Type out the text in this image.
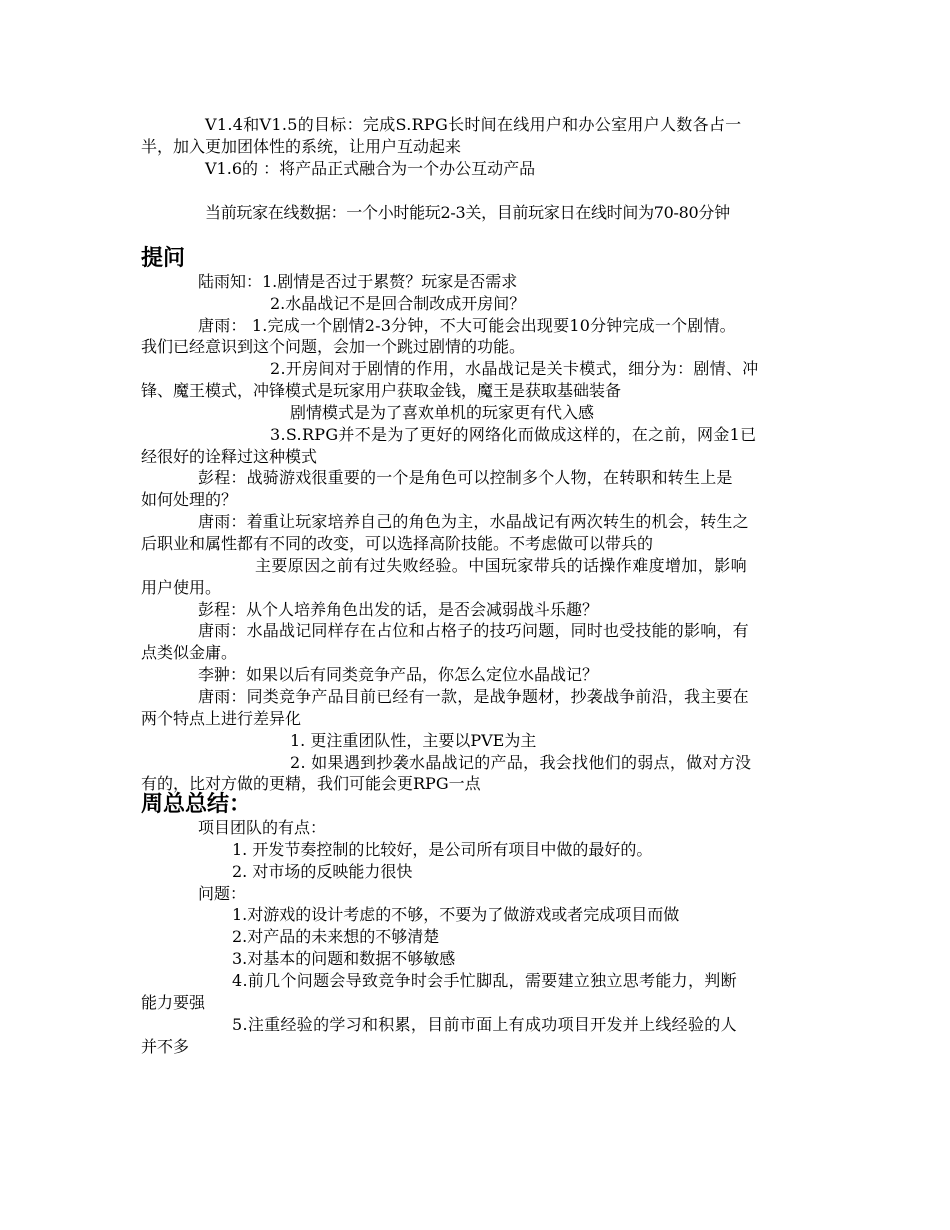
V1.4和V1.5的目标：完成S.RPG长时间在线用户和办公室用户人数各占一
半，加入更加团体性的系统，让用户互动起来
V1.6的 ：将产品正式融合为一个办公互动产品
当前玩家在线数据：一个小时能玩2-3关，目前玩家日在线时间为70-80分钟
提问
陆雨知：1.剧情是否过于累赘？玩家是否需求
2.水晶战记不是回合制改成开房间？
唐雨： 1.完成一个剧情2-3分钟，不大可能会出现要10分钟完成一个剧情。
我们已经意识到这个问题，会加一个跳过剧情的功能。
2.开房间对于剧情的作用，水晶战记是关卡模式，细分为：剧情、冲
锋、魔王模式，冲锋模式是玩家用户获取金钱，魔王是获取基础装备
剧情模式是为了喜欢单机的玩家更有代入感
3.S.RPG并不是为了更好的网络化而做成这样的，在之前，网金1已
经很好的诠释过这种模式
彭程：战骑游戏很重要的一个是角色可以控制多个人物，在转职和转生上是
如何处理的？
唐雨：着重让玩家培养自己的角色为主，水晶战记有两次转生的机会，转生之
后职业和属性都有不同的改变，可以选择高阶技能。不考虑做可以带兵的
主要原因之前有过失败经验。中国玩家带兵的话操作难度增加，影响
用户使用。
彭程：从个人培养角色出发的话，是否会减弱战斗乐趣？
唐雨：水晶战记同样存在占位和占格子的技巧问题，同时也受技能的影响，有
点类似金庸。
李翀：如果以后有同类竞争产品，你怎么定位水晶战记？
唐雨：同类竞争产品目前已经有一款，是战争题材，抄袭战争前沿，我主要在
两个特点上进行差异化
1. 更注重团队性，主要以PVE为主
2. 如果遇到抄袭水晶战记的产品，我会找他们的弱点，做对方没
有的，比对方做的更精，我们可能会更RPG一点
周总总结：
项目团队的有点：
1. 开发节奏控制的比较好，是公司所有项目中做的最好的。
2. 对市场的反映能力很快
问题：
1.对游戏的设计考虑的不够，不要为了做游戏或者完成项目而做
2.对产品的未来想的不够清楚
3.对基本的问题和数据不够敏感
4.前几个问题会导致竞争时会手忙脚乱，需要建立独立思考能力，判断
能力要强
5.注重经验的学习和积累，目前市面上有成功项目开发并上线经验的人
并不多
